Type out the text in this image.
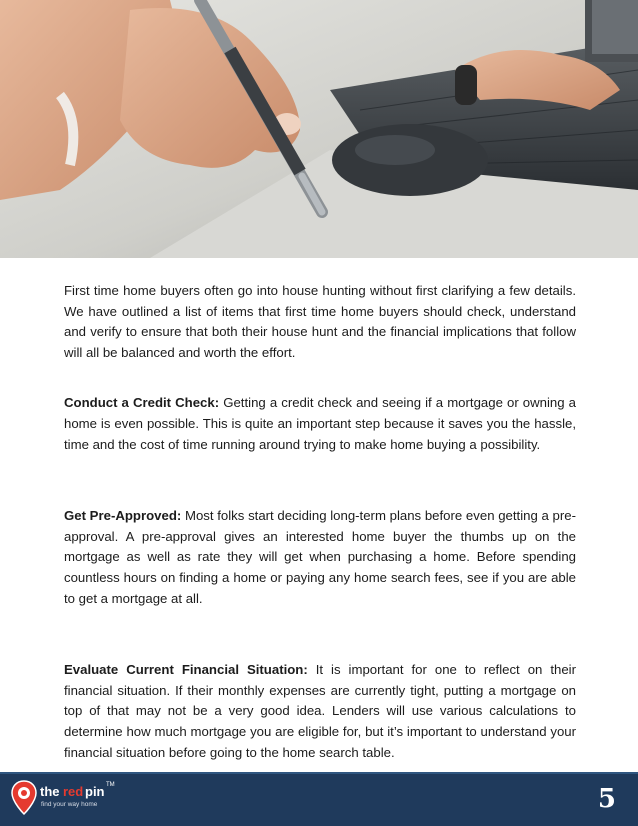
First time home buyers often go into house hunting without first clarifying a few details. We have outlined a list of items that first time home buyers should check, understand and verify to ensure that both their house hunt and the financial implications that follow will all be balanced and worth the effort.

Conduct a Credit Check: Getting a credit check and seeing if a mortgage or owning a home is even possible. This is quite an important step because it saves you the hassle, time and the cost of time running around trying to make home buying a possibility.

Get Pre-Approved: Most folks start deciding long-term plans before even getting a pre-approval. A pre-approval gives an interested home buyer the thumbs up on the mortgage as well as rate they will get when purchasing a home. Before spending countless hours on finding a home or paying any home search fees, see if you are able to get a mortgage at all.

Evaluate Current Financial Situation: It is important for one to reflect on their financial situation. If their monthly expenses are currently tight, putting a mortgage on top of that may not be a very good idea. Lenders will use various calculations to determine how much mortgage you are eligible for, but it’s important to understand your financial situation before going to the home search table.

the red pin TM
find your way home	5
